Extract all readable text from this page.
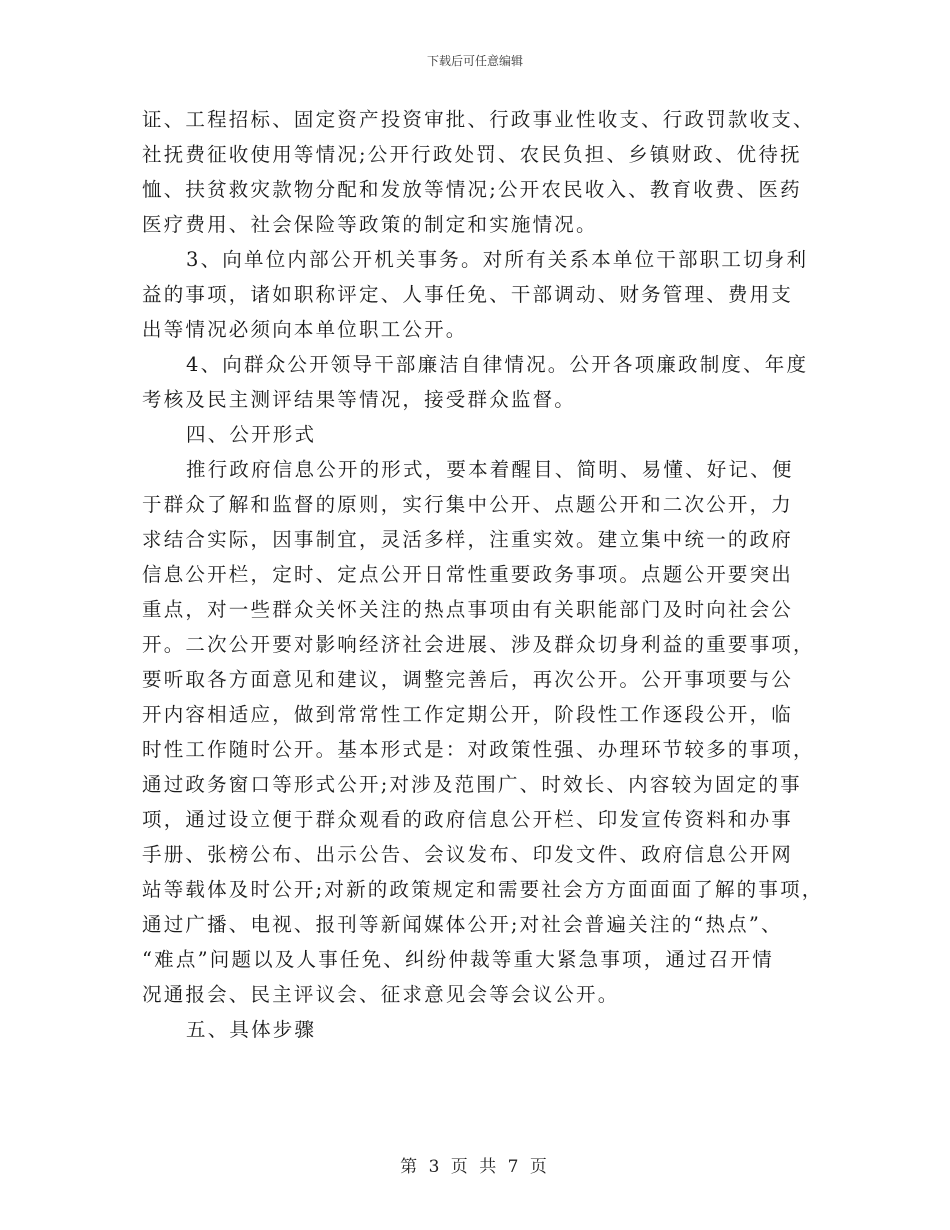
下载后可任意编辑
证、工程招标、固定资产投资审批、行政事业性收支、行政罚款收支、
社抚费征收使用等情况;公开行政处罚、农民负担、乡镇财政、优待抚
恤、扶贫救灾款物分配和发放等情况;公开农民收入、教育收费、医药
医疗费用、社会保险等政策的制定和实施情况。
3、向单位内部公开机关事务。对所有关系本单位干部职工切身利
益的事项，诸如职称评定、人事任免、干部调动、财务管理、费用支
出等情况必须向本单位职工公开。
4、向群众公开领导干部廉洁自律情况。公开各项廉政制度、年度
考核及民主测评结果等情况，接受群众监督。
四、公开形式
推行政府信息公开的形式，要本着醒目、简明、易懂、好记、便
于群众了解和监督的原则，实行集中公开、点题公开和二次公开，力
求结合实际，因事制宜，灵活多样，注重实效。建立集中统一的政府
信息公开栏，定时、定点公开日常性重要政务事项。点题公开要突出
重点，对一些群众关怀关注的热点事项由有关职能部门及时向社会公
开。二次公开要对影响经济社会进展、涉及群众切身利益的重要事项，
要听取各方面意见和建议，调整完善后，再次公开。公开事项要与公
开内容相适应，做到常常性工作定期公开，阶段性工作逐段公开，临
时性工作随时公开。基本形式是：对政策性强、办理环节较多的事项，
通过政务窗口等形式公开;对涉及范围广、时效长、内容较为固定的事
项，通过设立便于群众观看的政府信息公开栏、印发宣传资料和办事
手册、张榜公布、出示公告、会议发布、印发文件、政府信息公开网
站等载体及时公开;对新的政策规定和需要社会方方面面面了解的事项，
通过广播、电视、报刊等新闻媒体公开;对社会普遍关注的“热点”、
“难点”问题以及人事任免、纠纷仲裁等重大紧急事项，通过召开情
况通报会、民主评议会、征求意见会等会议公开。
五、具体步骤
第 3 页 共 7 页
